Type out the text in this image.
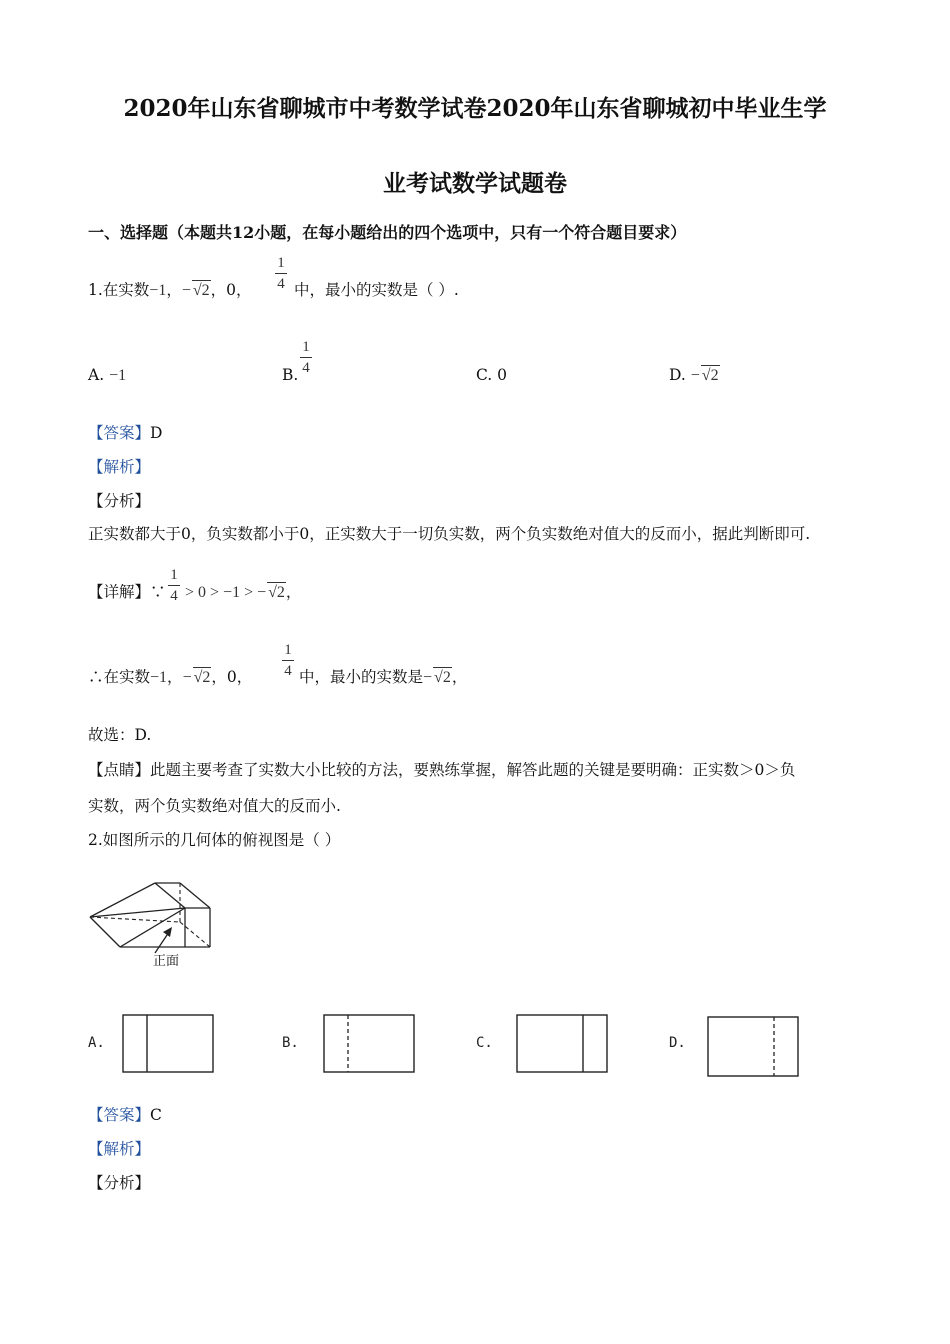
2020年山东省聊城市中考数学试卷2020年山东省聊城初中毕业生学
业考试数学试题卷
一、选择题（本题共12小题，在每小题给出的四个选项中，只有一个符合题目要求）
1.在实数−1，− √2，0，
1
4 中，最小的实数是（ ）.
A. −1	B.
1
4	C. 0	D. − √2
【答案】D
【解析】
【分析】
正实数都大于0，负实数都小于0，正实数大于一切负实数，两个负实数绝对值大的反而小，据此判断即可.
【详解】∵
1
4 > 0 > −1 > − √2，
∴在实数−1，− √2，0，
1
4 中，最小的实数是− √2，
故选：D.
【点睛】此题主要考查了实数大小比较的方法，要熟练掌握，解答此题的关键是要明确：正实数＞0＞负
实数，两个负实数绝对值大的反而小.
2.如图所示的几何体的俯视图是（ ）
正面
A.	B.	C.	D.
【答案】C
【解析】
【分析】
